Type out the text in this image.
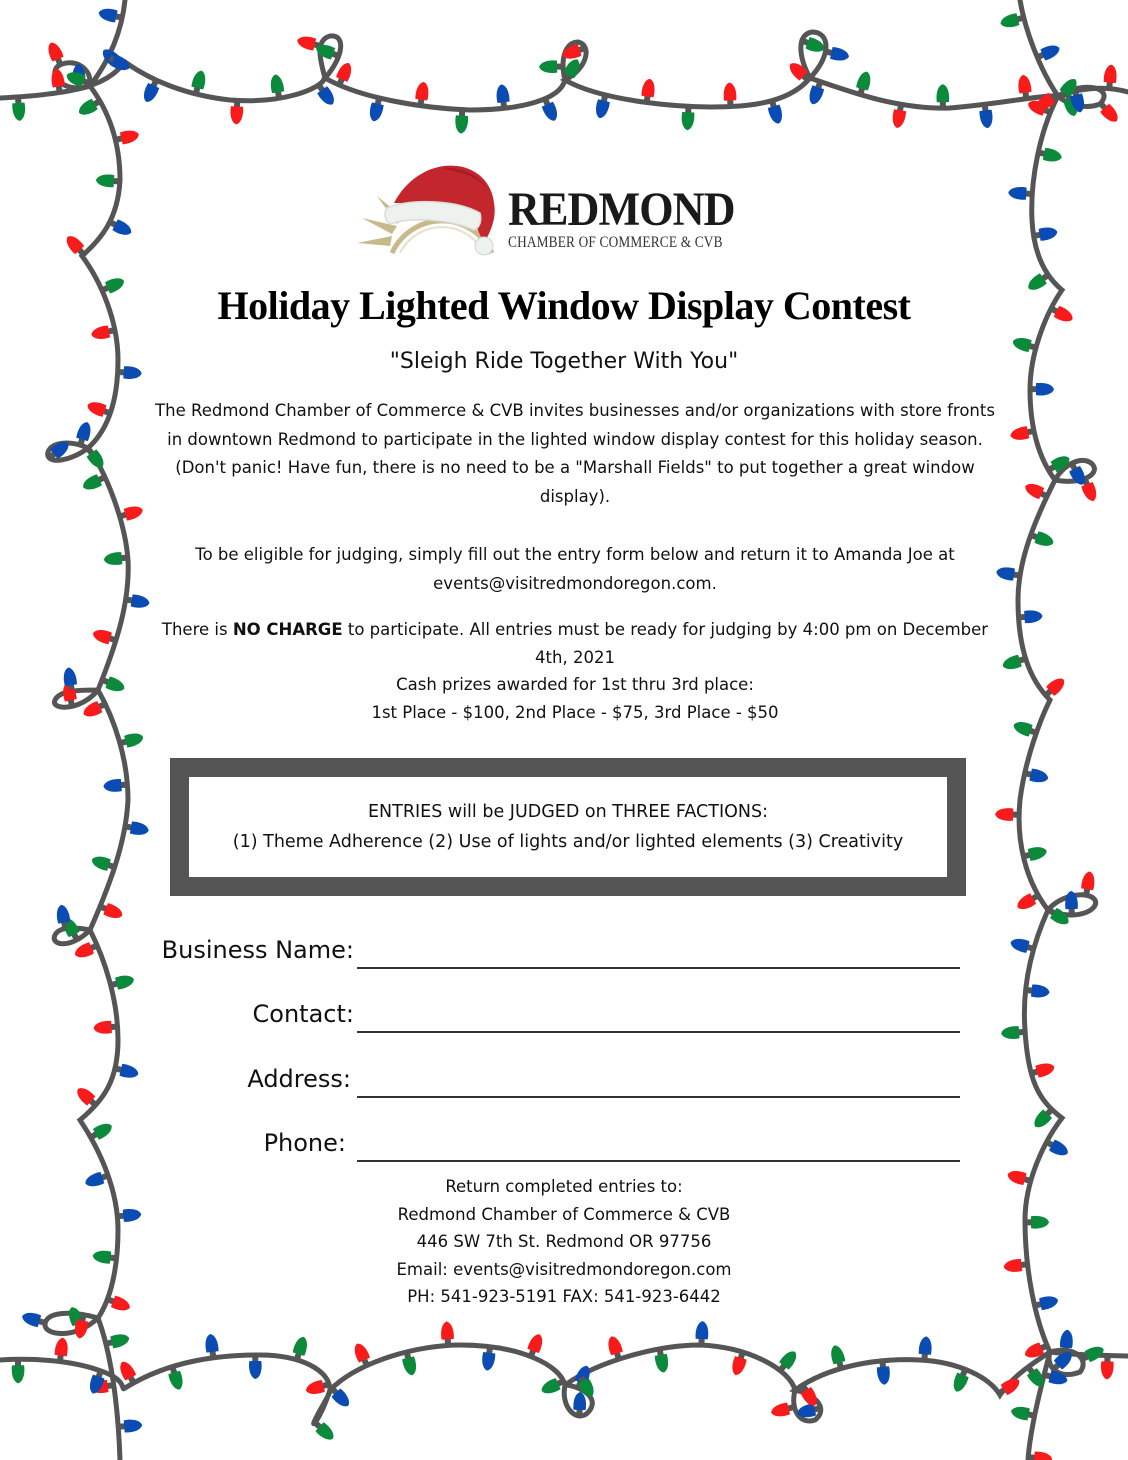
REDMOND
CHAMBER OF COMMERCE & CVB
Holiday Lighted Window Display Contest
"Sleigh Ride Together With You"

The Redmond Chamber of Commerce & CVB invites businesses and/or organizations with store fronts in downtown Redmond to participate in the lighted window display contest for this holiday season. (Don't panic! Have fun, there is no need to be a "Marshall Fields" to put together a great window display).

To be eligible for judging, simply fill out the entry form below and return it to Amanda Joe at events@visitredmondoregon.com.

There is NO CHARGE to participate. All entries must be ready for judging by 4:00 pm on December 4th, 2021
Cash prizes awarded for 1st thru 3rd place:
1st Place - $100, 2nd Place - $75, 3rd Place - $50
ENTRIES will be JUDGED on THREE FACTIONS:
(1) Theme Adherence (2) Use of lights and/or lighted elements (3) Creativity
Business Name:
Contact:
Address:
Phone:
Return completed entries to:
Redmond Chamber of Commerce & CVB
446 SW 7th St. Redmond OR 97756
Email: events@visitredmondoregon.com
PH: 541-923-5191 FAX: 541-923-6442
